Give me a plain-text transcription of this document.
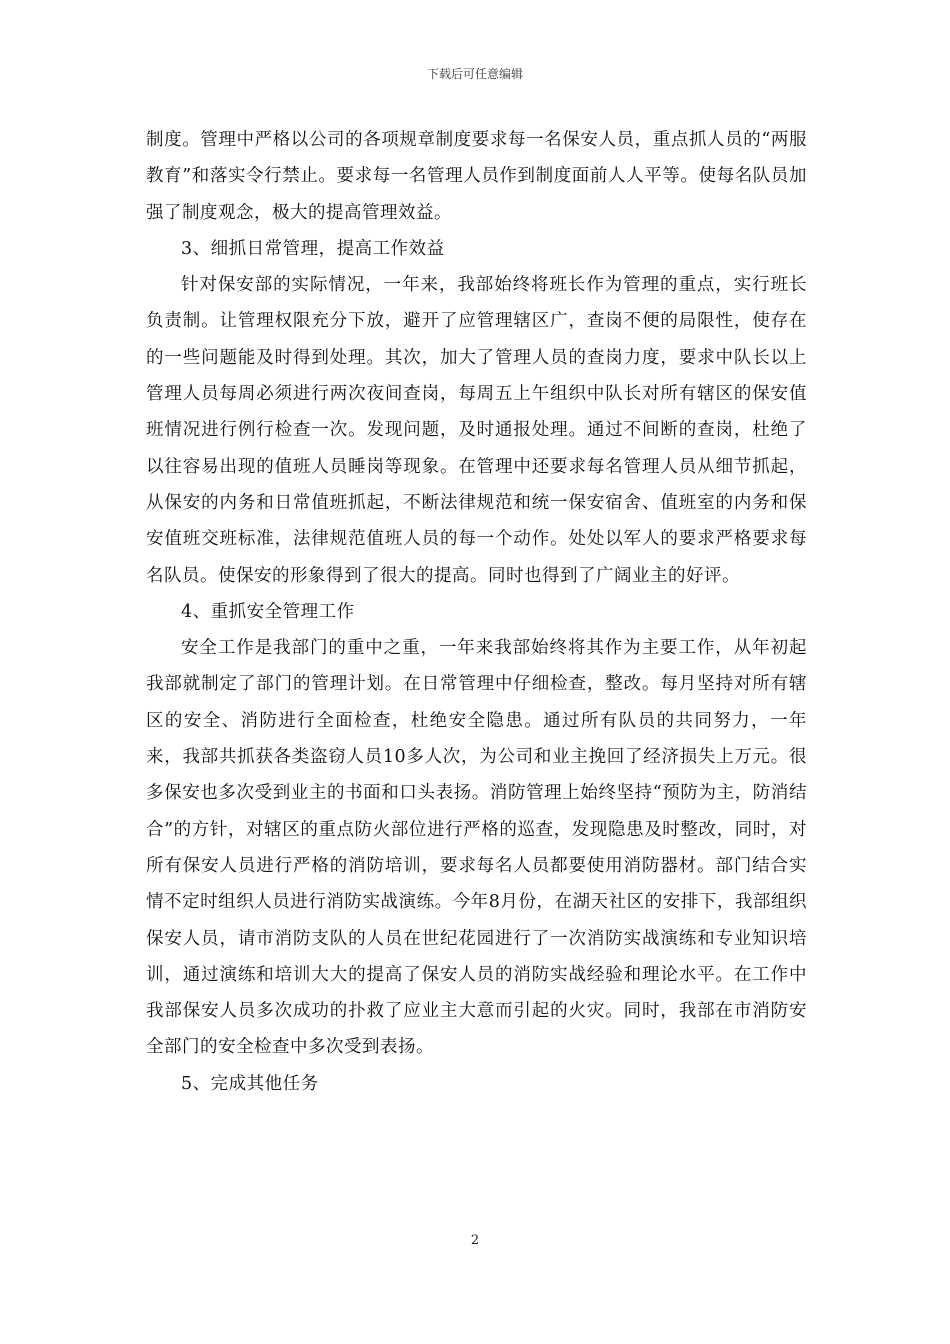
下载后可任意编辑

制度。管理中严格以公司的各项规章制度要求每一名保安人员，重点抓人员的“两服教育”和落实令行禁止。要求每一名管理人员作到制度面前人人平等。使每名队员加强了制度观念，极大的提高管理效益。

3、细抓日常管理，提高工作效益

针对保安部的实际情况，一年来，我部始终将班长作为管理的重点，实行班长负责制。让管理权限充分下放，避开了应管理辖区广，查岗不便的局限性，使存在的一些问题能及时得到处理。其次，加大了管理人员的查岗力度，要求中队长以上管理人员每周必须进行两次夜间查岗，每周五上午组织中队长对所有辖区的保安值班情况进行例行检查一次。发现问题，及时通报处理。通过不间断的查岗，杜绝了以往容易出现的值班人员睡岗等现象。在管理中还要求每名管理人员从细节抓起，从保安的内务和日常值班抓起，不断法律规范和统一保安宿舍、值班室的内务和保安值班交班标准，法律规范值班人员的每一个动作。处处以军人的要求严格要求每名队员。使保安的形象得到了很大的提高。同时也得到了广阔业主的好评。

4、重抓安全管理工作

安全工作是我部门的重中之重，一年来我部始终将其作为主要工作，从年初起我部就制定了部门的管理计划。在日常管理中仔细检查，整改。每月坚持对所有辖区的安全、消防进行全面检查，杜绝安全隐患。通过所有队员的共同努力，一年来，我部共抓获各类盗窃人员10多人次，为公司和业主挽回了经济损失上万元。很多保安也多次受到业主的书面和口头表扬。消防管理上始终坚持“预防为主，防消结合”的方针，对辖区的重点防火部位进行严格的巡查，发现隐患及时整改，同时，对所有保安人员进行严格的消防培训，要求每名人员都要使用消防器材。部门结合实情不定时组织人员进行消防实战演练。今年8月份，在湖天社区的安排下，我部组织保安人员，请市消防支队的人员在世纪花园进行了一次消防实战演练和专业知识培训，通过演练和培训大大的提高了保安人员的消防实战经验和理论水平。在工作中我部保安人员多次成功的扑救了应业主大意而引起的火灾。同时，我部在市消防安全部门的安全检查中多次受到表扬。

5、完成其他任务

2
